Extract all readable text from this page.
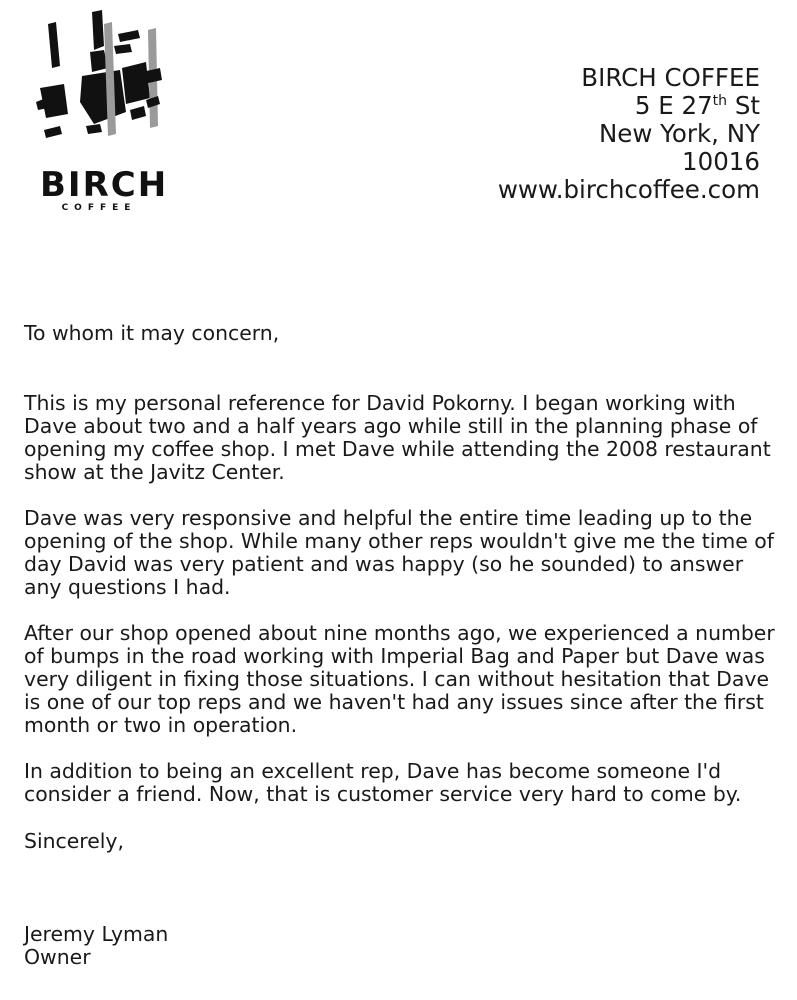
BIRCH
COFFEE
BIRCH COFFEE
5 E 27th St
New York, NY
10016
www.birchcoffee.com

To whom it may concern,

This is my personal reference for David Pokorny. I began working with Dave about two and a half years ago while still in the planning phase of opening my coffee shop. I met Dave while attending the 2008 restaurant show at the Javitz Center.

Dave was very responsive and helpful the entire time leading up to the opening of the shop. While many other reps wouldn't give me the time of day David was very patient and was happy (so he sounded) to answer any questions I had.

After our shop opened about nine months ago, we experienced a number of bumps in the road working with Imperial Bag and Paper but Dave was very diligent in fixing those situations. I can without hesitation that Dave is one of our top reps and we haven't had any issues since after the first month or two in operation.

In addition to being an excellent rep, Dave has become someone I'd consider a friend. Now, that is customer service very hard to come by.

Sincerely,

Jeremy Lyman

Owner
